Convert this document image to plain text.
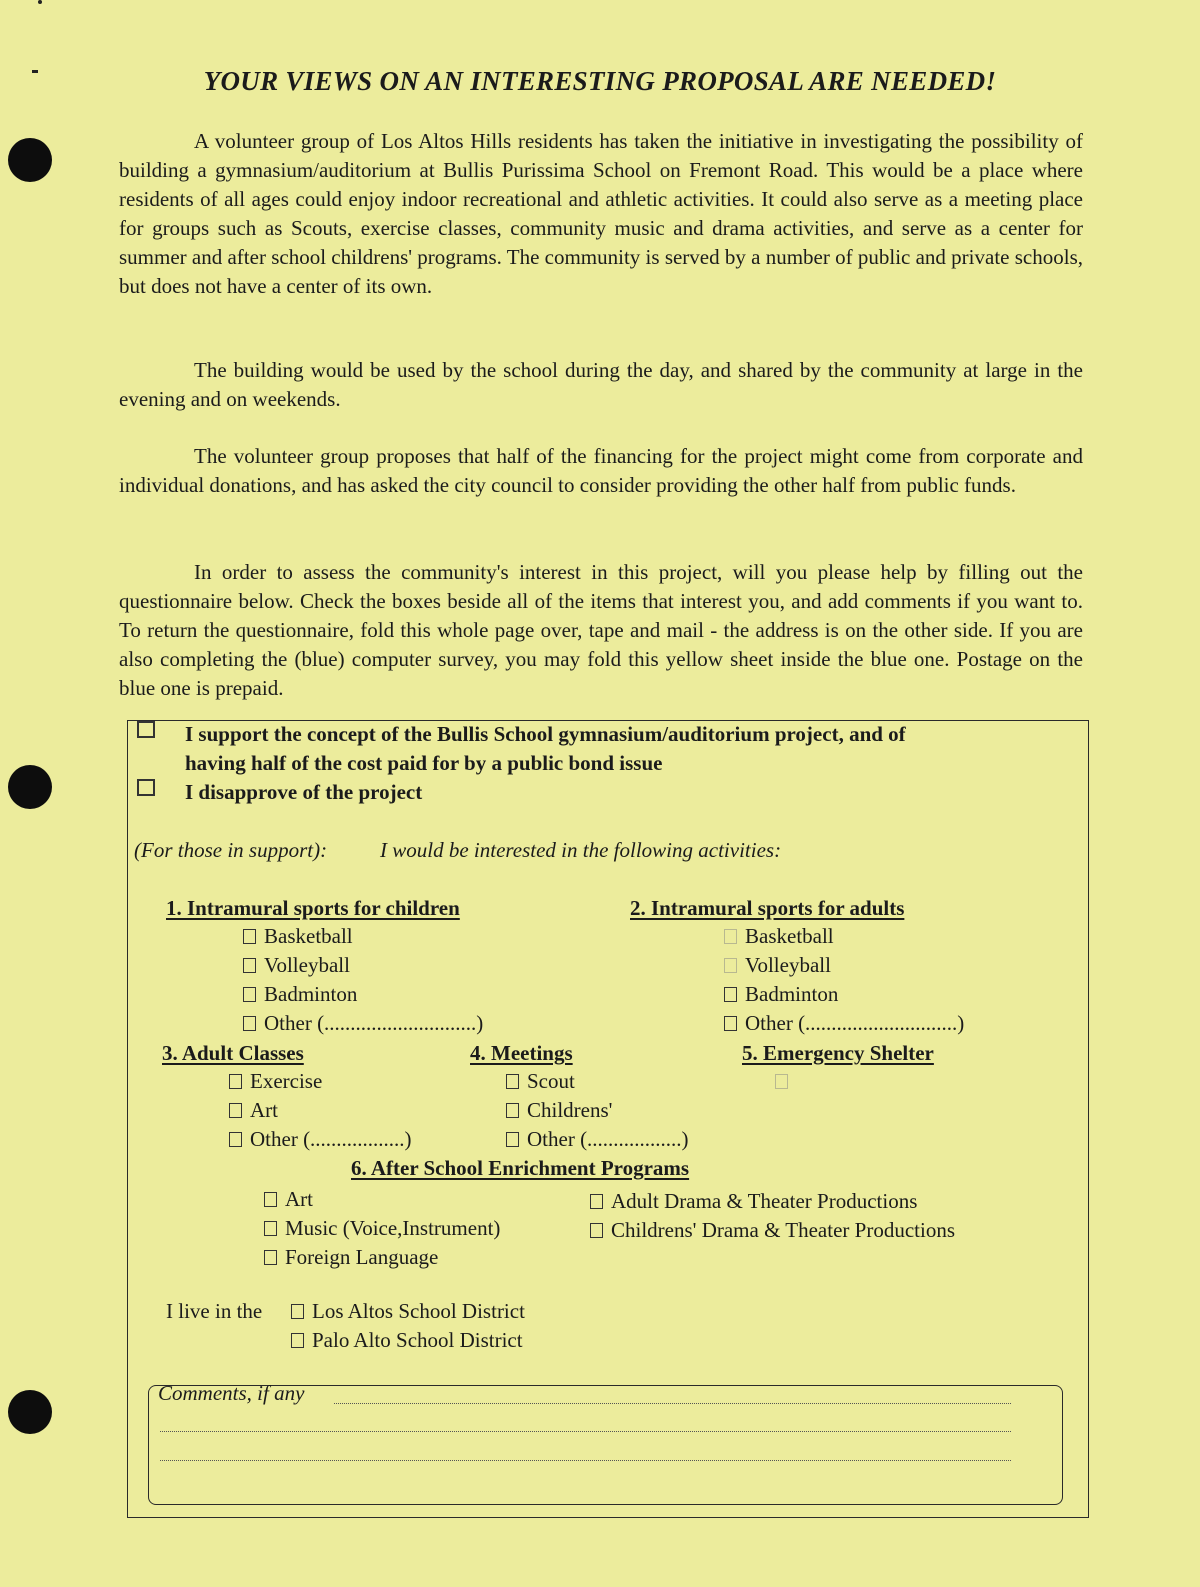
YOUR VIEWS ON AN INTERESTING PROPOSAL ARE NEEDED!

A volunteer group of Los Altos Hills residents has taken the initiative in investigating the possibility of building a gymnasium/auditorium at Bullis Purissima School on Fremont Road. This would be a place where residents of all ages could enjoy indoor recreational and athletic activities. It could also serve as a meeting place for groups such as Scouts, exercise classes, community music and drama activities, and serve as a center for summer and after school childrens' programs. The community is served by a number of public and private schools, but does not have a center of its own.

The building would be used by the school during the day, and shared by the community at large in the evening and on weekends.

The volunteer group proposes that half of the financing for the project might come from corporate and individual donations, and has asked the city council to consider providing the other half from public funds.

In order to assess the community's interest in this project, will you please help by filling out the questionnaire below. Check the boxes beside all of the items that interest you, and add comments if you want to. To return the questionnaire, fold this whole page over, tape and mail - the address is on the other side. If you are also completing the (blue) computer survey, you may fold this yellow sheet inside the blue one. Postage on the blue one is prepaid.

I support the concept of the Bullis School gymnasium/auditorium project, and of
having half of the cost paid for by a public bond issue
I disapprove of the project
(For those in support):	I would be interested in the following activities:
1. Intramural sports for children
Basketball
Volleyball
Badminton
Other (.............................)
2. Intramural sports for adults
Basketball
Volleyball
Badminton
Other (.............................)
3. Adult Classes
Exercise
Art
Other (..................)
4. Meetings
Scout
Childrens'
Other (..................)
5. Emergency Shelter
6. After School Enrichment Programs
Art
Music (Voice,Instrument)
Foreign Language
Adult Drama & Theater Productions
Childrens' Drama & Theater Productions
I live in the	Los Altos School District
Palo Alto School District
Comments, if any
